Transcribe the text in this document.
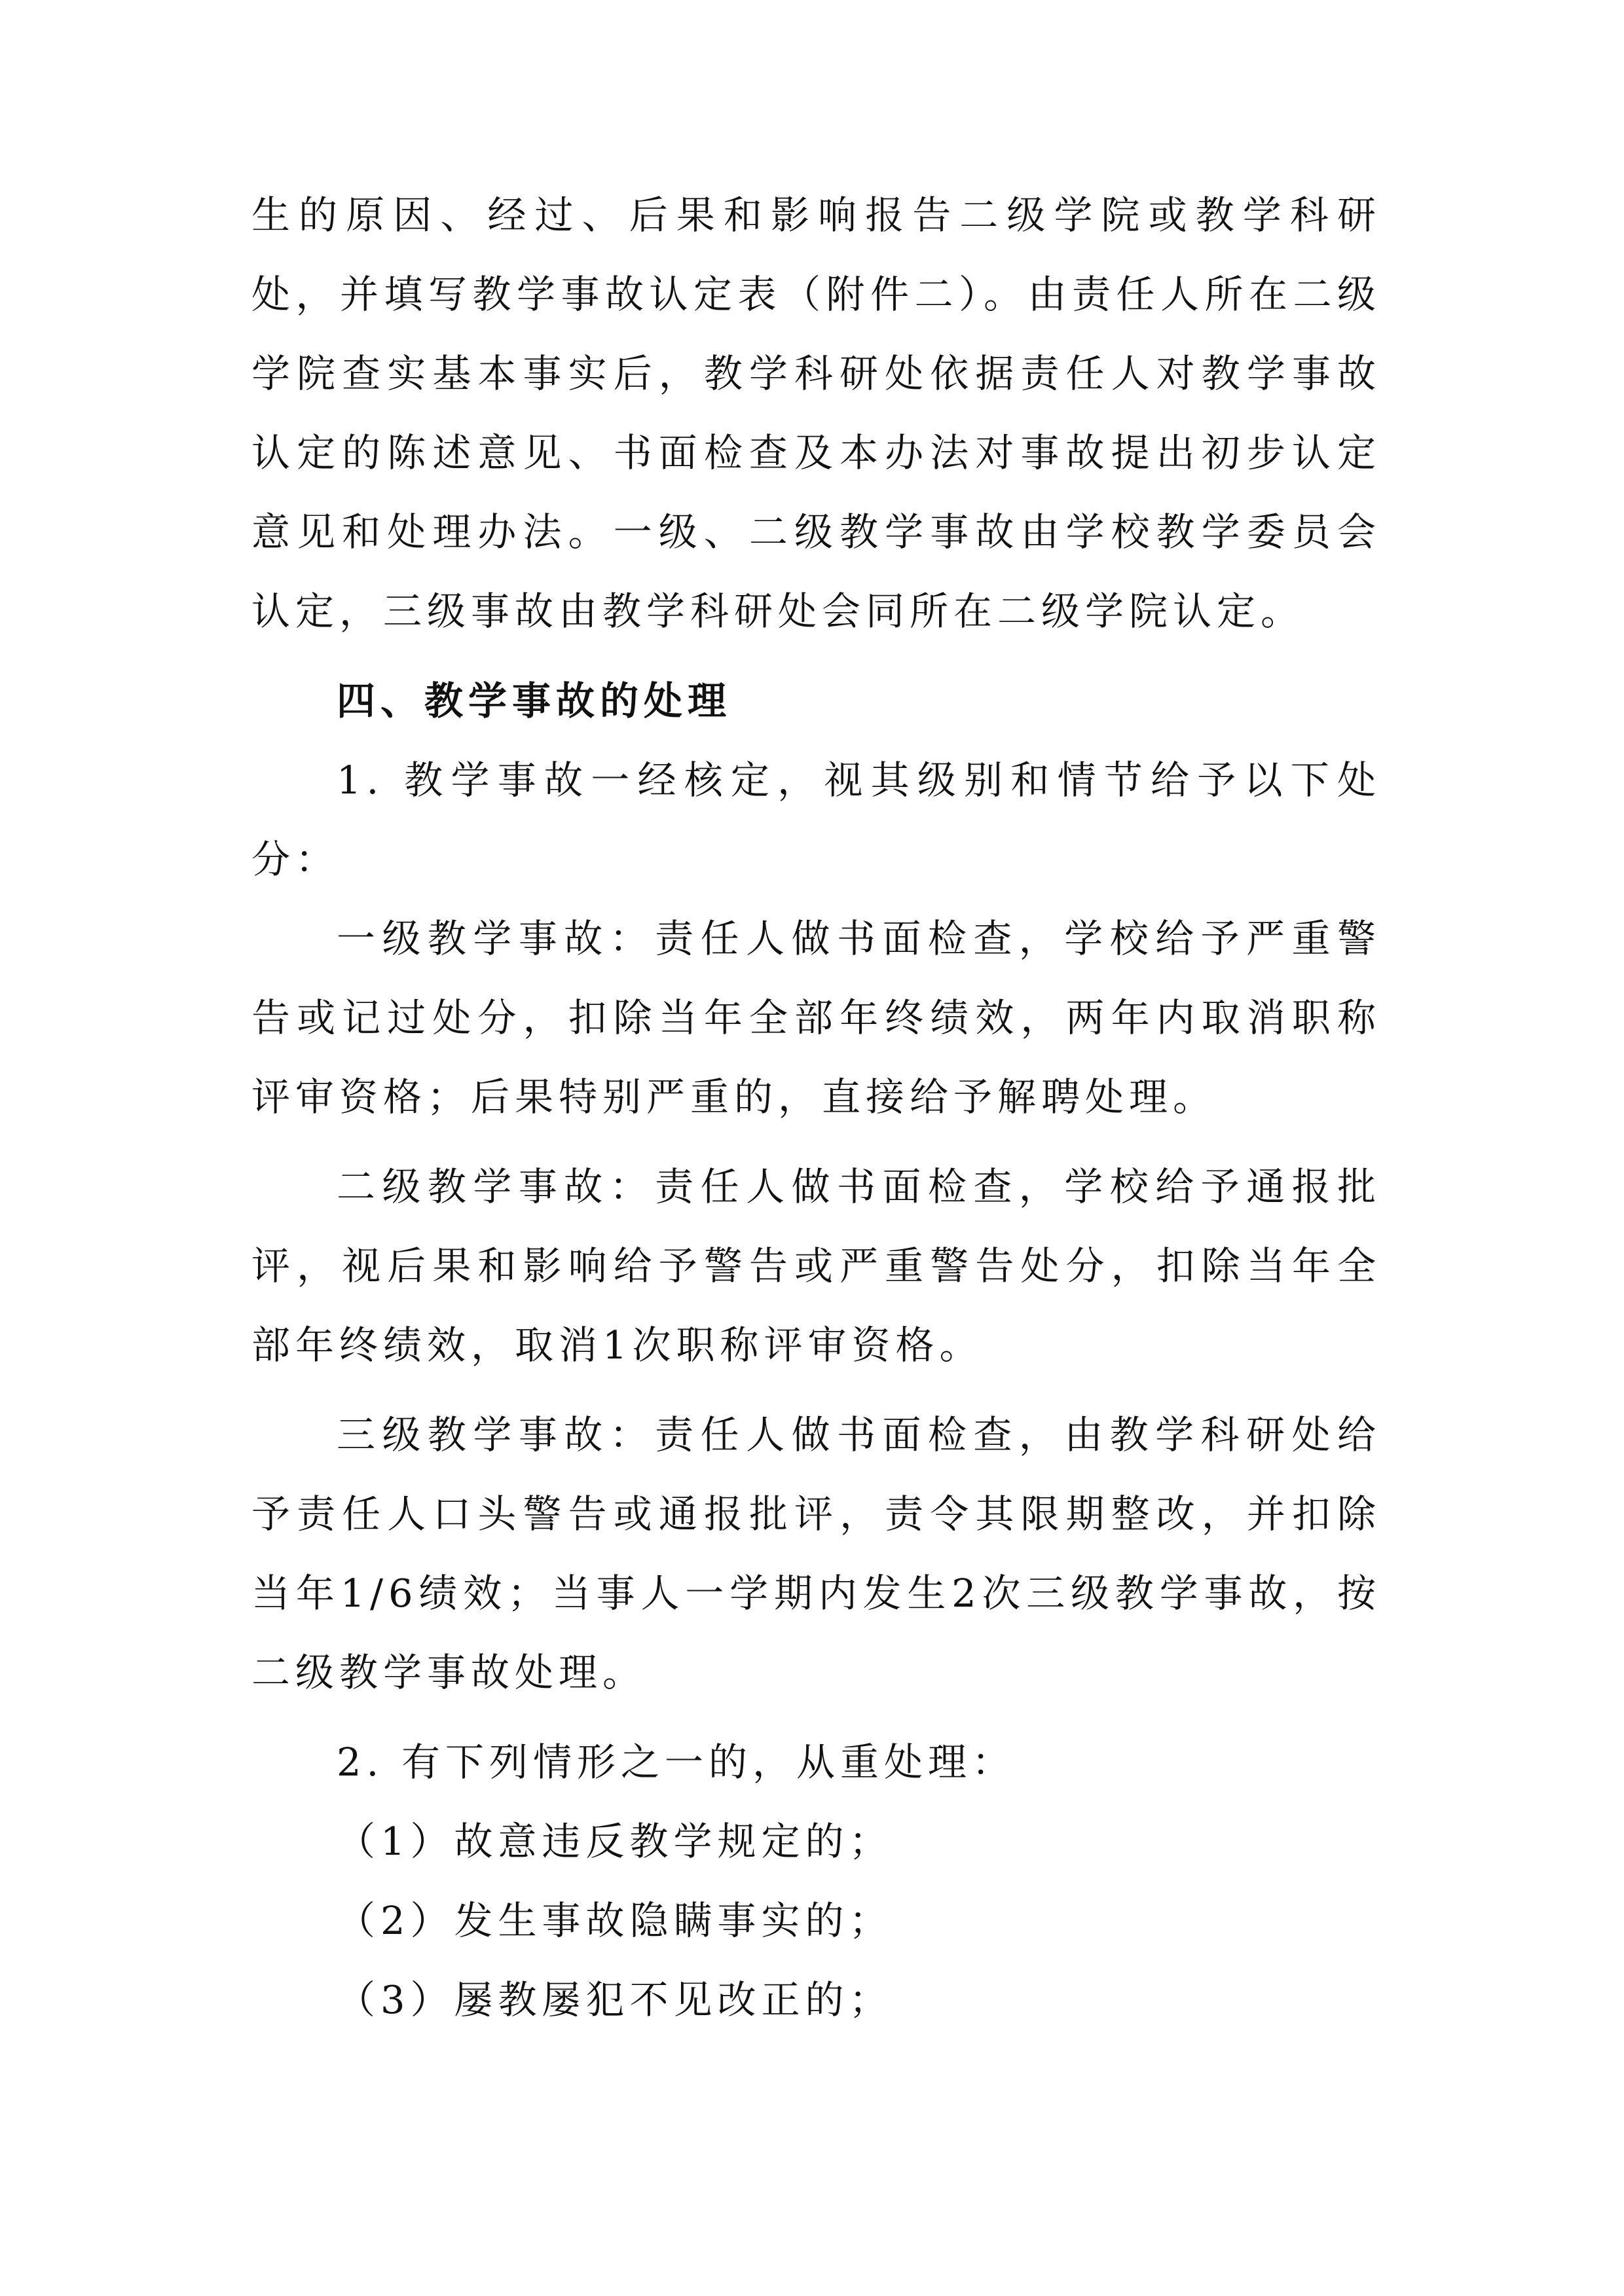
生的原因、经过、后果和影响报告二级学院或教学科研处，并填写教学事故认定表（附件二）。由责任人所在二级学院查实基本事实后，教学科研处依据责任人对教学事故认定的陈述意见、书面检查及本办法对事故提出初步认定意见和处理办法。一级、二级教学事故由学校教学委员会认定，三级事故由教学科研处会同所在二级学院认定。

四、教学事故的处理

1. 教学事故一经核定，视其级别和情节给予以下处分：

一级教学事故：责任人做书面检查，学校给予严重警告或记过处分，扣除当年全部年终绩效，两年内取消职称评审资格；后果特别严重的，直接给予解聘处理。

二级教学事故：责任人做书面检查，学校给予通报批评，视后果和影响给予警告或严重警告处分，扣除当年全部年终绩效，取消1次职称评审资格。

三级教学事故：责任人做书面检查，由教学科研处给予责任人口头警告或通报批评，责令其限期整改，并扣除当年1/6绩效；当事人一学期内发生2次三级教学事故，按二级教学事故处理。

2. 有下列情形之一的，从重处理：

（1）故意违反教学规定的；

（2）发生事故隐瞒事实的；

（3）屡教屡犯不见改正的；
